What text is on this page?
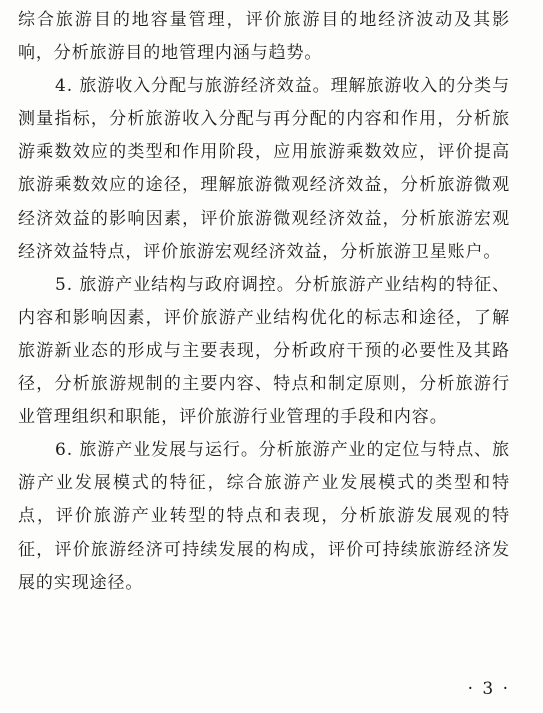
综合旅游目的地容量管理，评价旅游目的地经济波动及其影响，分析旅游目的地管理内涵与趋势。

4. 旅游收入分配与旅游经济效益。理解旅游收入的分类与测量指标，分析旅游收入分配与再分配的内容和作用，分析旅游乘数效应的类型和作用阶段，应用旅游乘数效应，评价提高旅游乘数效应的途径，理解旅游微观经济效益，分析旅游微观经济效益的影响因素，评价旅游微观经济效益，分析旅游宏观经济效益特点，评价旅游宏观经济效益，分析旅游卫星账户。

5. 旅游产业结构与政府调控。分析旅游产业结构的特征、内容和影响因素，评价旅游产业结构优化的标志和途径，了解旅游新业态的形成与主要表现，分析政府干预的必要性及其路径，分析旅游规制的主要内容、特点和制定原则，分析旅游行业管理组织和职能，评价旅游行业管理的手段和内容。

6. 旅游产业发展与运行。分析旅游产业的定位与特点、旅游产业发展模式的特征，综合旅游产业发展模式的类型和特点，评价旅游产业转型的特点和表现，分析旅游发展观的特征，评价旅游经济可持续发展的构成，评价可持续旅游经济发展的实现途径。

· 3 ·
